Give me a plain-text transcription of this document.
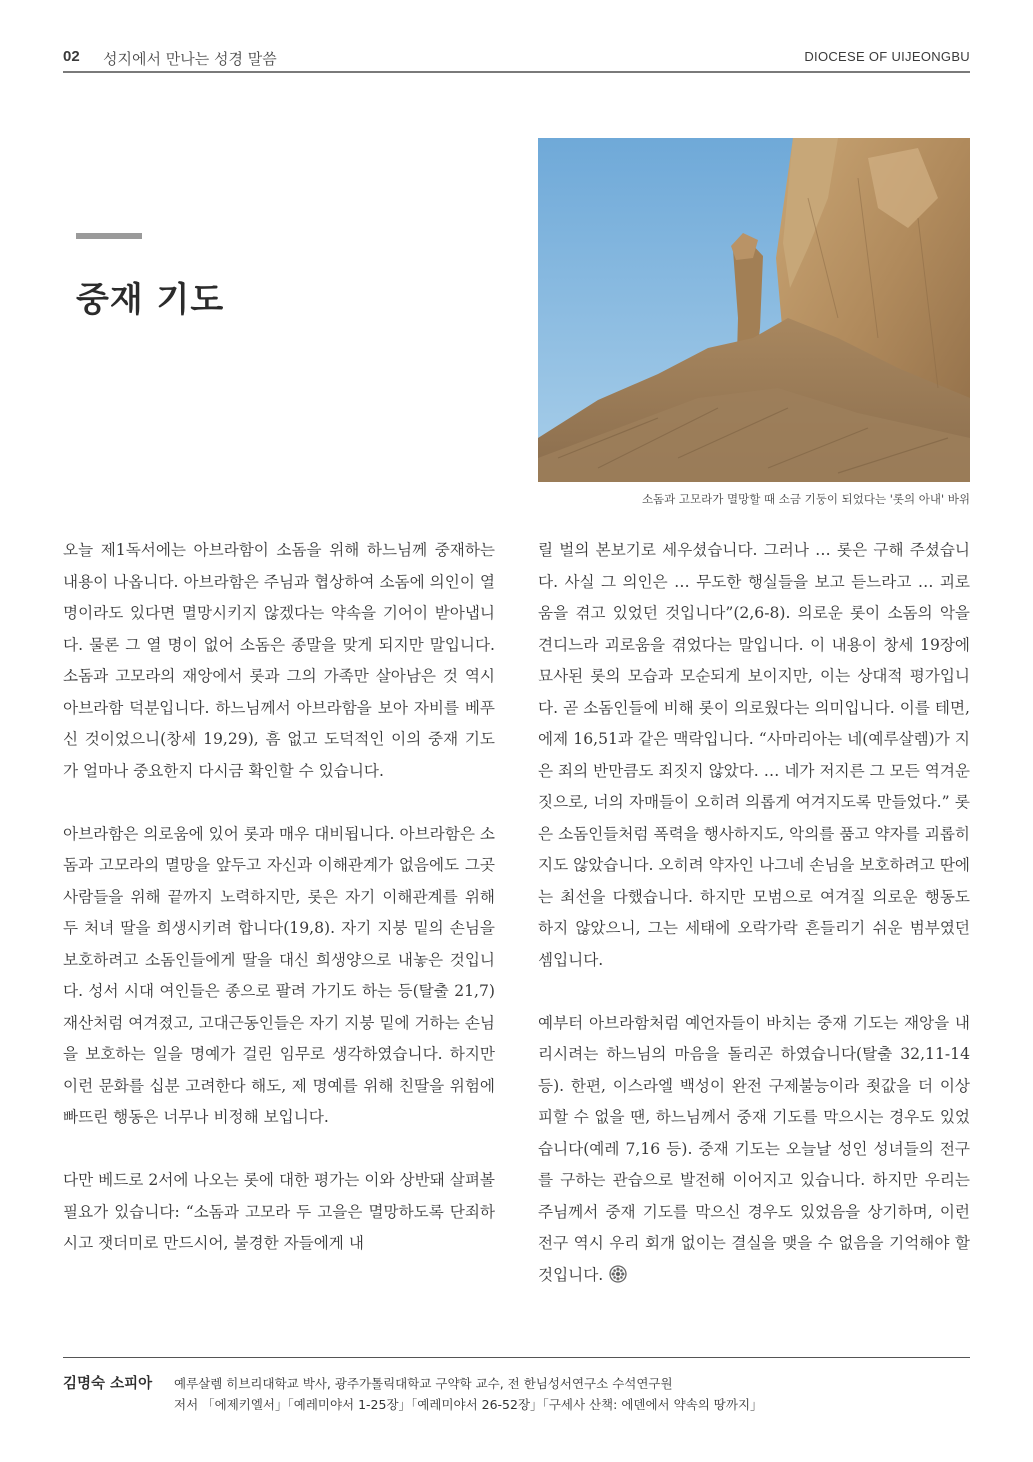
02 성지에서 만나는 성경 말씀	DIOCESE OF UIJEONGBU
중재 기도
소돔과 고모라가 멸망할 때 소금 기둥이 되었다는 '롯의 아내' 바위

오늘 제1독서에는 아브라함이 소돔을 위해 하느님께 중재하는 내용이 나옵니다. 아브라함은 주님과 협상하여 소돔에 의인이 열 명이라도 있다면 멸망시키지 않겠다는 약속을 기어이 받아냅니다. 물론 그 열 명이 없어 소돔은 종말을 맞게 되지만 말입니다. 소돔과 고모라의 재앙에서 롯과 그의 가족만 살아남은 것 역시 아브라함 덕분입니다. 하느님께서 아브라함을 보아 자비를 베푸신 것이었으니(창세 19,29), 흠 없고 도덕적인 이의 중재 기도가 얼마나 중요한지 다시금 확인할 수 있습니다.

아브라함은 의로움에 있어 롯과 매우 대비됩니다. 아브라함은 소돔과 고모라의 멸망을 앞두고 자신과 이해관계가 없음에도 그곳 사람들을 위해 끝까지 노력하지만, 롯은 자기 이해관계를 위해 두 처녀 딸을 희생시키려 합니다(19,8). 자기 지붕 밑의 손님을 보호하려고 소돔인들에게 딸을 대신 희생양으로 내놓은 것입니다. 성서 시대 여인들은 종으로 팔려 가기도 하는 등(탈출 21,7) 재산처럼 여겨졌고, 고대근동인들은 자기 지붕 밑에 거하는 손님을 보호하는 일을 명예가 걸린 임무로 생각하였습니다. 하지만 이런 문화를 십분 고려한다 해도, 제 명예를 위해 친딸을 위험에 빠뜨린 행동은 너무나 비정해 보입니다.

다만 베드로 2서에 나오는 롯에 대한 평가는 이와 상반돼 살펴볼 필요가 있습니다: “소돔과 고모라 두 고을은 멸망하도록 단죄하시고 잿더미로 만드시어, 불경한 자들에게 내

릴 벌의 본보기로 세우셨습니다. 그러나 … 롯은 구해 주셨습니다. 사실 그 의인은 … 무도한 행실들을 보고 듣느라고 … 괴로움을 겪고 있었던 것입니다”(2,6-8). 의로운 롯이 소돔의 악을 견디느라 괴로움을 겪었다는 말입니다. 이 내용이 창세 19장에 묘사된 롯의 모습과 모순되게 보이지만, 이는 상대적 평가입니다. 곧 소돔인들에 비해 롯이 의로웠다는 의미입니다. 이를 테면, 에제 16,51과 같은 맥락입니다. “사마리아는 네(예루살렘)가 지은 죄의 반만큼도 죄짓지 않았다. … 네가 저지른 그 모든 역겨운 짓으로, 너의 자매들이 오히려 의롭게 여겨지도록 만들었다.” 롯은 소돔인들처럼 폭력을 행사하지도, 악의를 품고 약자를 괴롭히지도 않았습니다. 오히려 약자인 나그네 손님을 보호하려고 딴에는 최선을 다했습니다. 하지만 모범으로 여겨질 의로운 행동도 하지 않았으니, 그는 세태에 오락가락 흔들리기 쉬운 범부였던 셈입니다.

예부터 아브라함처럼 예언자들이 바치는 중재 기도는 재앙을 내리시려는 하느님의 마음을 돌리곤 하였습니다(탈출 32,11-14 등). 한편, 이스라엘 백성이 완전 구제불능이라 죗값을 더 이상 피할 수 없을 땐, 하느님께서 중재 기도를 막으시는 경우도 있었습니다(예레 7,16 등). 중재 기도는 오늘날 성인 성녀들의 전구를 구하는 관습으로 발전해 이어지고 있습니다. 하지만 우리는 주님께서 중재 기도를 막으신 경우도 있었음을 상기하며, 이런 전구 역시 우리 회개 없이는 결실을 맺을 수 없음을 기억해야 할 것입니다.

김명숙 소피아 예루살렘 히브리대학교 박사, 광주가톨릭대학교 구약학 교수, 전 한님성서연구소 수석연구원
저서 「에제키엘서」「예레미야서 1-25장」「예레미야서 26-52장」「구세사 산책: 에덴에서 약속의 땅까지」
